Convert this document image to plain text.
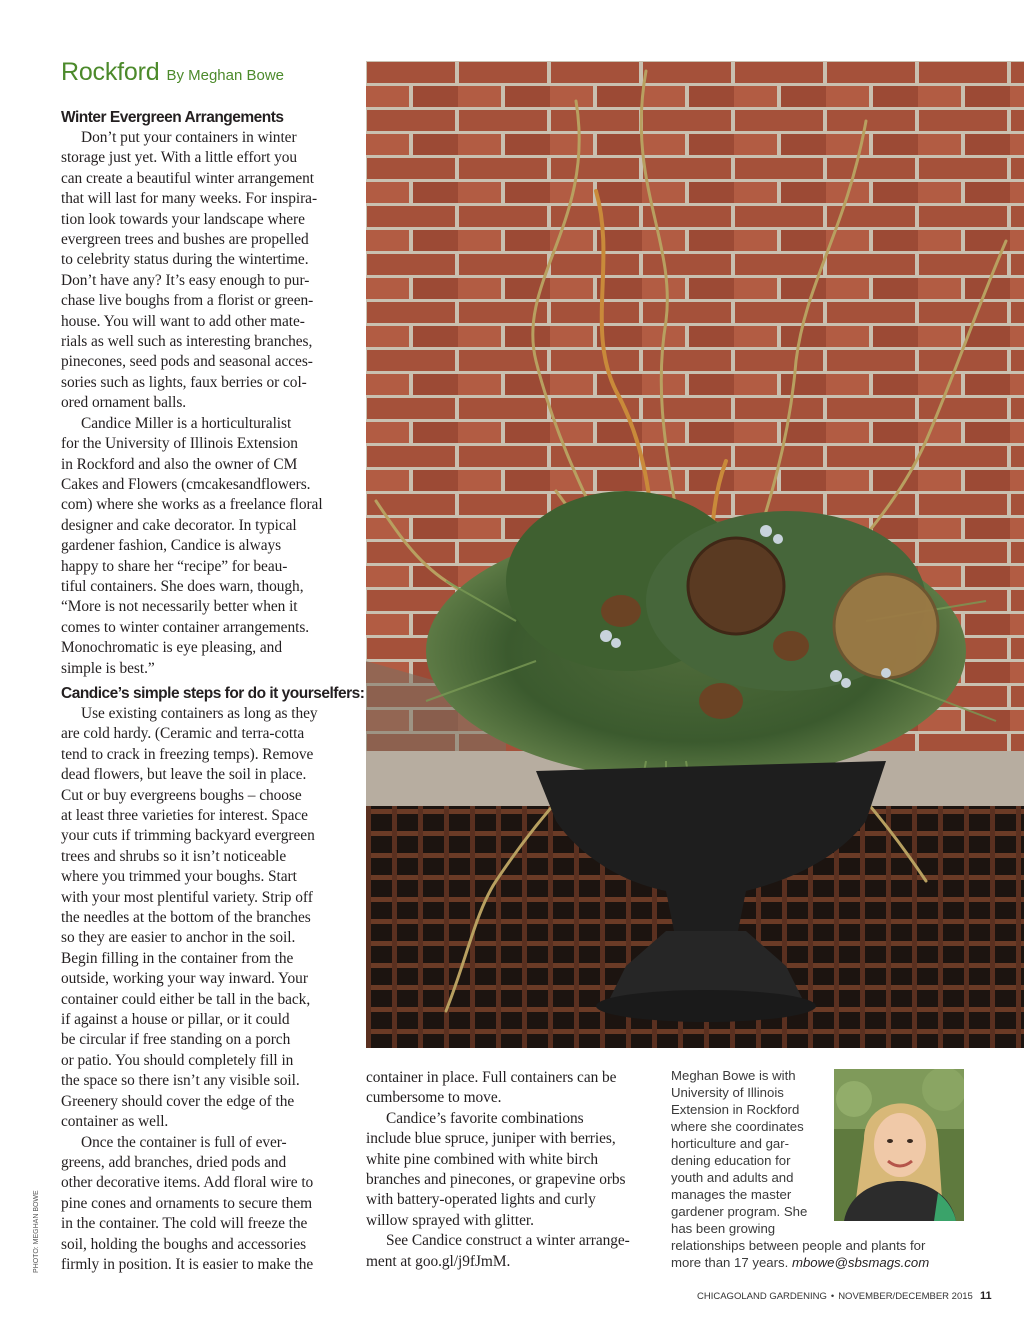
Rockford By Meghan Bowe
Winter Evergreen Arrangements

Don’t put your containers in winter
storage just yet. With a little effort you
can create a beautiful winter arrangement
that will last for many weeks. For inspira-
tion look towards your landscape where
evergreen trees and bushes are propelled
to celebrity status during the wintertime.
Don’t have any? It’s easy enough to pur-
chase live boughs from a florist or green-
house. You will want to add other mate-
rials as well such as interesting branches,
pinecones, seed pods and seasonal acces-
sories such as lights, faux berries or col-
ored ornament balls.
Candice Miller is a horticulturalist
for the University of Illinois Extension
in Rockford and also the owner of CM
Cakes and Flowers (cmcakesandflowers.
com) where she works as a freelance floral
designer and cake decorator. In typical
gardener fashion, Candice is always
happy to share her “recipe” for beau-
tiful containers. She does warn, though,
“More is not necessarily better when it
comes to winter container arrangements.
Monochromatic is eye pleasing, and
simple is best.”

Candice’s simple steps for do it yourselfers:

Use existing containers as long as they
are cold hardy. (Ceramic and terra-cotta
tend to crack in freezing temps). Remove
dead flowers, but leave the soil in place.
Cut or buy evergreens boughs – choose
at least three varieties for interest. Space
your cuts if trimming backyard evergreen
trees and shrubs so it isn’t noticeable
where you trimmed your boughs. Start
with your most plentiful variety. Strip off
the needles at the bottom of the branches
so they are easier to anchor in the soil.
Begin filling in the container from the
outside, working your way inward. Your
container could either be tall in the back,
if against a house or pillar, or it could
be circular if free standing on a porch
or patio. You should completely fill in
the space so there isn’t any visible soil.
Greenery should cover the edge of the
container as well.
Once the container is full of ever-
greens, add branches, dried pods and
other decorative items. Add floral wire to
pine cones and ornaments to secure them
in the container. The cold will freeze the
soil, holding the boughs and accessories
firmly in position. It is easier to make the

PHOTO: MEGHAN BOWE

container in place. Full containers can be
cumbersome to move.
Candice’s favorite combinations
include blue spruce, juniper with berries,
white pine combined with white birch
branches and pinecones, or grapevine orbs
with battery-operated lights and curly
willow sprayed with glitter.
See Candice construct a winter arrange-
ment at goo.gl/j9fJmM.

Meghan Bowe is with
University of Illinois
Extension in Rockford
where she coordinates
horticulture and gar-
dening education for
youth and adults and
manages the master
gardener program. She
has been growing
relationships between people and plants for
more than 17 years. mbowe@sbsmags.com

CHICAGOLAND GARDENING • NOVEMBER/DECEMBER 2015 11
